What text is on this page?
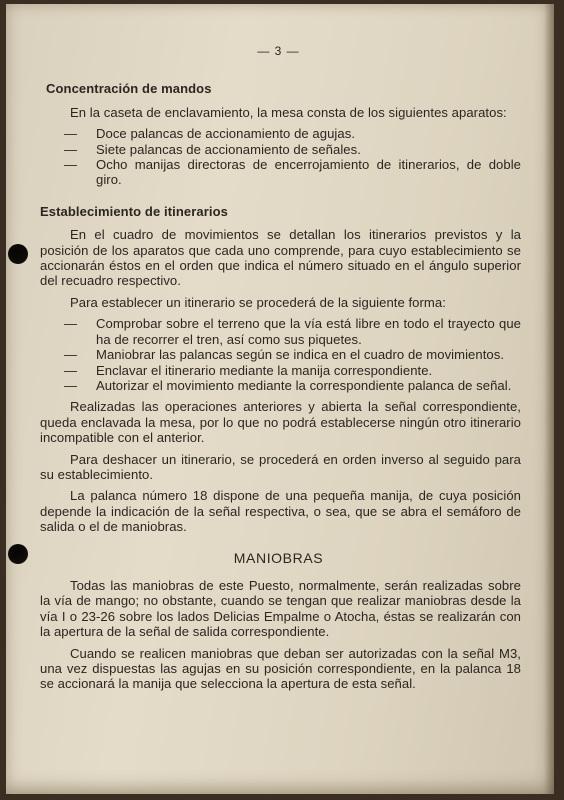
— 3 —
Concentración de mandos

En la caseta de enclavamiento, la mesa consta de los siguientes aparatos:

— Doce palancas de accionamiento de agujas.
— Siete palancas de accionamiento de señales.
— Ocho manijas directoras de encerrojamiento de itinerarios, de doble giro.
Establecimiento de itinerarios

En el cuadro de movimientos se detallan los itinerarios previstos y la posición de los aparatos que cada uno comprende, para cuyo establecimiento se accionarán éstos en el orden que indica el número situado en el ángulo superior del recuadro respectivo.

Para establecer un itinerario se procederá de la siguiente forma:

— Comprobar sobre el terreno que la vía está libre en todo el trayecto que ha de recorrer el tren, así como sus piquetes.
— Maniobrar las palancas según se indica en el cuadro de movimientos.
— Enclavar el itinerario mediante la manija correspondiente.
— Autorizar el movimiento mediante la correspondiente palanca de señal.

Realizadas las operaciones anteriores y abierta la señal correspondiente, queda enclavada la mesa, por lo que no podrá establecerse ningún otro itinerario incompatible con el anterior.

Para deshacer un itinerario, se procederá en orden inverso al seguido para su establecimiento.

La palanca número 18 dispone de una pequeña manija, de cuya posición depende la indicación de la señal respectiva, o sea, que se abra el semáforo de salida o el de maniobras.

MANIOBRAS

Todas las maniobras de este Puesto, normalmente, serán realizadas sobre la vía de mango; no obstante, cuando se tengan que realizar maniobras desde la vía I o 23-26 sobre los lados Delicias Empalme o Atocha, éstas se realizarán con la apertura de la señal de salida correspondiente.

Cuando se realicen maniobras que deban ser autorizadas con la señal M3, una vez dispuestas las agujas en su posición correspondiente, en la palanca 18 se accionará la manija que selecciona la apertura de esta señal.
